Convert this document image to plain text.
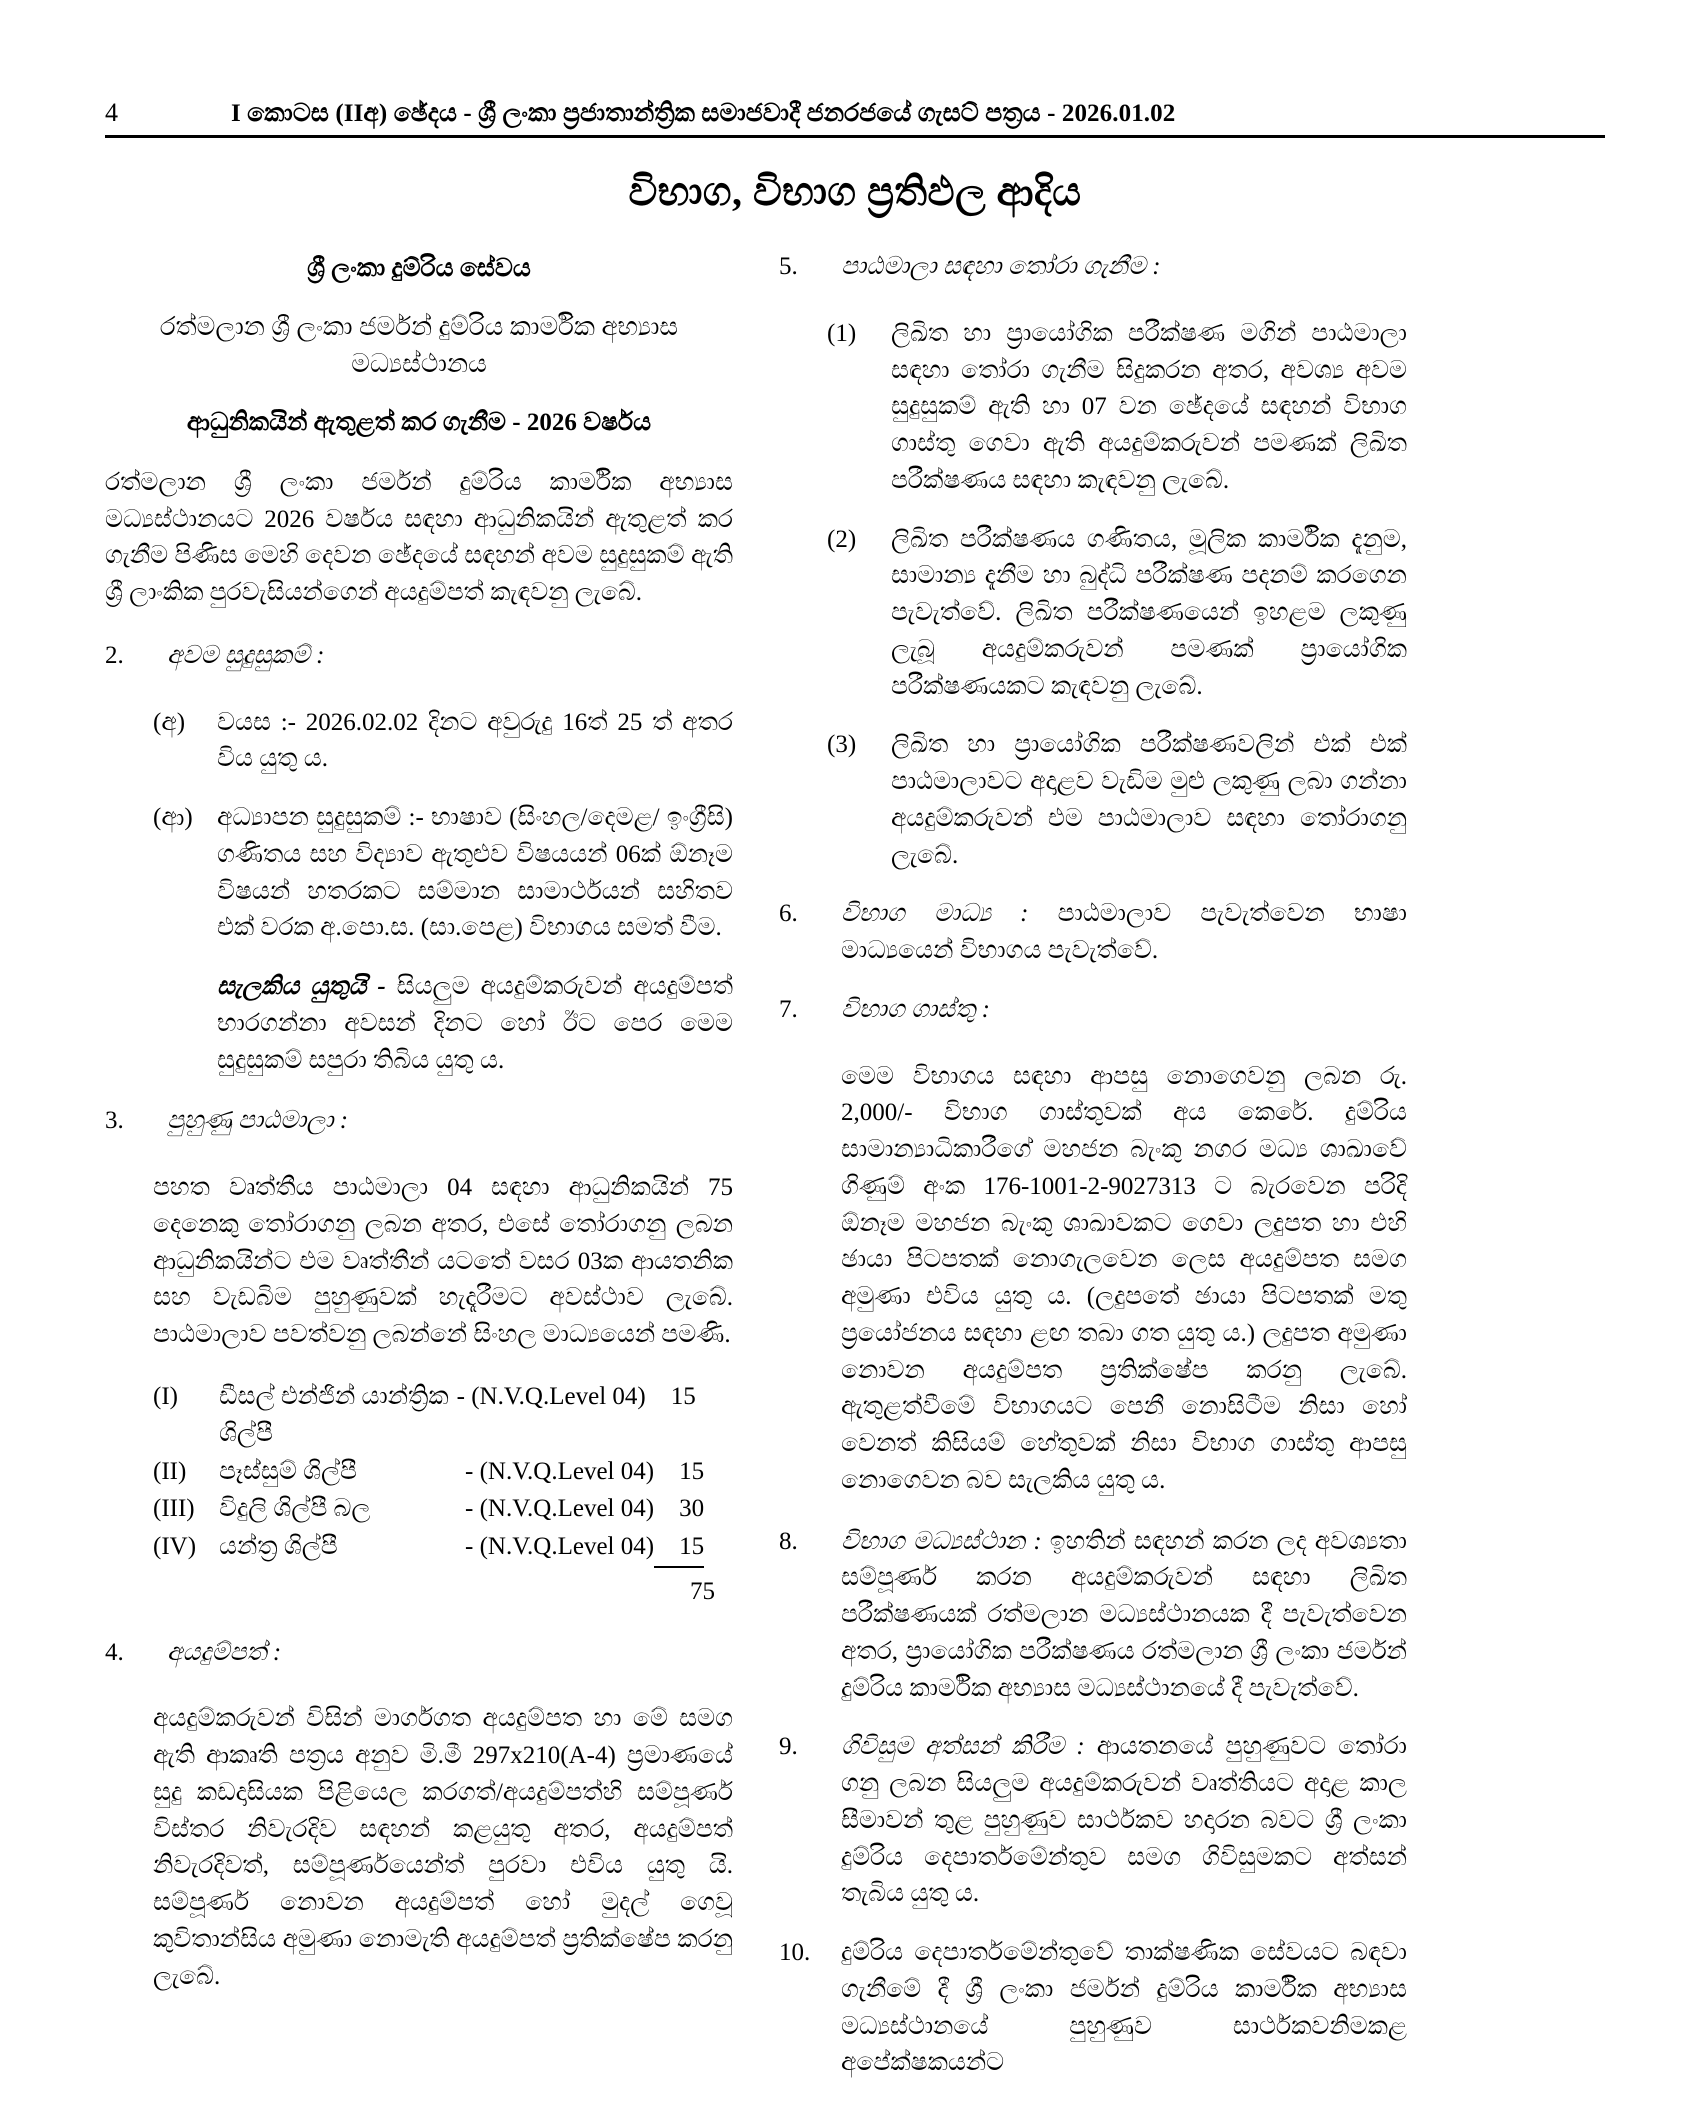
4	I කොටස (IIඅ) ඡේදය - ශ්‍රී ලංකා ප්‍රජාතාන්ත්‍රික සමාජවාදී ජනරජයේ ගැසට් පත්‍රය - 2026.01.02
විභාග, විභාග ප්‍රතිඵල ආදිය
ශ්‍රී ලංකා දුම්රිය සේවය
රත්මලාන ශ්‍රී ලංකා ජර්මන් දුම්රිය කාර්මික අභ්‍යාස මධ්‍යස්ථානය
ආධුනිකයින් ඇතුළත් කර ගැනීම - 2026 වර්ෂය

රත්මලාන ශ්‍රී ලංකා ජර්මන් දුම්රිය කාර්මික අභ්‍යාස මධ්‍යස්ථානයට 2026 වර්ෂය සඳහා ආධුනිකයින් ඇතුළත් කර ගැනීම පිණිස මෙහි දෙවන ඡේදයේ සඳහන් අවම සුදුසුකම් ඇති ශ්‍රී ලාංකික පුරවැසියන්ගෙන් අයදුම්පත් කැඳවනු ලැබේ.

2.	අවම සුදුසුකම් :
(අ)	වයස :- 2026.02.02 දිනට අවුරුදු 16ත් 25 ත් අතර විය යුතු ය.
(ආ) අධ්‍යාපන සුදුසුකම් :- භාෂාව (සිංහල/දෙමළ/ ඉංග්‍රීසි) ගණිතය සහ විද්‍යාව ඇතුළුව විෂයයන් 06ක් ඕනෑම විෂයන් හතරකට සම්මාන සාමාර්ථයන් සහිතව එක් වරක අ.පො.ස. (සා.පෙළ) විභාගය සමත් වීම.
සැලකිය යුතුයි - සියලුම අයදුම්කරුවන් අයදුම්පත් භාරගන්නා අවසන් දිනට හෝ ඊට පෙර මෙම සුදුසුකම් සපුරා තිබිය යුතු ය.
3.	පුහුණු පාඨමාලා :
පහත වෘත්තීය පාඨමාලා 04 සඳහා ආධුනිකයින් 75 දෙනෙකු තෝරාගනු ලබන අතර, එසේ තෝරාගනු ලබන ආධුනිකයින්ට එම වෘත්තීන් යටතේ වසර 03ක ආයතනික සහ වැඩබිම පුහුණුවක් හැදෑරීමට අවස්ථාව ලැබේ. පාඨමාලාව පවත්වනු ලබන්නේ සිංහල මාධ්‍යයෙන් පමණි.
(I)	ඩීසල් එන්ජින් යාන්ත්‍රික - (N.V.Q.Level 04)	15
ශිල්පී
(II)	පෑස්සුම් ශිල්පී	- (N.V.Q.Level 04)	15
(III) විදුලි ශිල්පී බල	- (N.V.Q.Level 04)	30
(IV) යන්ත්‍ර ශිල්පී	- (N.V.Q.Level 04)	15
75
4.	අයදුම්පත් :
අයදුම්කරුවන් විසින් මාර්ගගත අයදුම්පත හා මේ සමග ඇති ආකෘති පත්‍රය අනුව මි.මී 297x210(A-4) ප්‍රමාණයේ සුදු කඩදාසියක පිළියෙල කරගත්/අයදුම්පත්හි සම්පූර්ණ විස්තර නිවැරදිව සඳහන් කළයුතු අතර, අයදුම්පත් නිවැරදිවත්, සම්පූර්ණයෙන්ත් පුරවා එවිය යුතු යි. සම්පූර්ණ නොවන අයදුම්පත් හෝ මුදල් ගෙවූ කුවිතාන්සිය අමුණා නොමැති අයදුම්පත් ප්‍රතික්ෂේප කරනු ලැබේ.
5.	පාඨමාලා සඳහා තෝරා ගැනීම :
(1)	ලිඛිත හා ප්‍රායෝගික පරීක්ෂණ මගින් පාඨමාලා සඳහා තෝරා ගැනීම සිදුකරන අතර, අවශ්‍ය අවම සුදුසුකම් ඇති හා 07 වන ඡේදයේ සඳහන් විභාග ගාස්තු ගෙවා ඇති අයදුම්කරුවන් පමණක් ලිඛිත පරීක්ෂණය සඳහා කැඳවනු ලැබේ.
(2)	ලිඛිත පරීක්ෂණය ගණිතය, මූලික කාර්මික දැනුම, සාමාන්‍ය දැනීම හා බුද්ධි පරීක්ෂණ පදනම් කරගෙන පැවැත්වේ. ලිඛිත පරීක්ෂණයෙන් ඉහළම ලකුණු ලැබූ අයදුම්කරුවන් පමණක් ප්‍රායෝගික පරීක්ෂණයකට කැඳවනු ලැබේ.
(3)	ලිඛිත හා ප්‍රායෝගික පරීක්ෂණවලින් එක් එක් පාඨමාලාවට අදාළව වැඩිම මුළු ලකුණු ලබා ගන්නා අයදුම්කරුවන් එම පාඨමාලාව සඳහා තෝරාගනු ලැබේ.
6.	විභාග මාධ්‍ය : පාඨමාලාව පැවැත්වෙන භාෂා මාධ්‍යයෙන් විභාගය පැවැත්වේ.
7.	විභාග ගාස්තු :
මෙම විභාගය සඳහා ආපසු නොගෙවනු ලබන රු. 2,000/- විභාග ගාස්තුවක් අය කෙරේ. දුම්රිය සාමාන්‍යාධිකාරීගේ මහජන බැංකු නගර මධ්‍ය ශාඛාවේ ගිණුම් අංක 176-1001-2-9027313 ට බැරවෙන පරිදි ඕනෑම මහජන බැංකු ශාඛාවකට ගෙවා ලදුපත හා එහි ඡායා පිටපතක් නොගැලවෙන ලෙස අයදුම්පත සමග අමුණා එවිය යුතු ය. (ලදුපතේ ඡායා පිටපතක් මතු ප්‍රයෝජනය සඳහා ළඟ තබා ගත යුතු ය.) ලදුපත අමුණා නොවන අයදුම්පත ප්‍රතික්ෂේප කරනු ලැබේ. ඇතුළත්වීමේ විභාගයට පෙනී නොසිටීම නිසා හෝ වෙනත් කිසියම් හේතුවක් නිසා විභාග ගාස්තු ආපසු නොගෙවන බව සැලකිය යුතු ය.
8.	විභාග මධ්‍යස්ථාන : ඉහතින් සඳහන් කරන ලද අවශ්‍යතා සම්පූර්ණ කරන අයදුම්කරුවන් සඳහා ලිඛිත පරීක්ෂණයක් රත්මලාන මධ්‍යස්ථානයක දී පැවැත්වෙන අතර, ප්‍රායෝගික පරීක්ෂණය රත්මලාන ශ්‍රී ලංකා ජර්මන් දුම්රිය කාර්මික අභ්‍යාස මධ්‍යස්ථානයේ දී පැවැත්වේ.
9.	ගිවිසුම අත්සන් කිරීම : ආයතනයේ පුහුණුවට තෝරා ගනු ලබන සියලුම අයදුම්කරුවන් වෘත්තියට අදාළ කාල සීමාවන් තුළ පුහුණුව සාර්ථකව හදාරන බවට ශ්‍රී ලංකා දුම්රිය දෙපාර්තමේන්තුව සමග ගිවිසුමකට අත්සන් තැබිය යුතු ය.
10.	දුම්රිය දෙපාර්තමේන්තුවේ තාක්ෂණික සේවයට බඳවා ගැනීමේ දී ශ්‍රී ලංකා ජර්මන් දුම්රිය කාර්මික අභ්‍යාස මධ්‍යස්ථානයේ පුහුණුව සාර්ථකවනිමකළ අපේක්ෂකයන්ට
